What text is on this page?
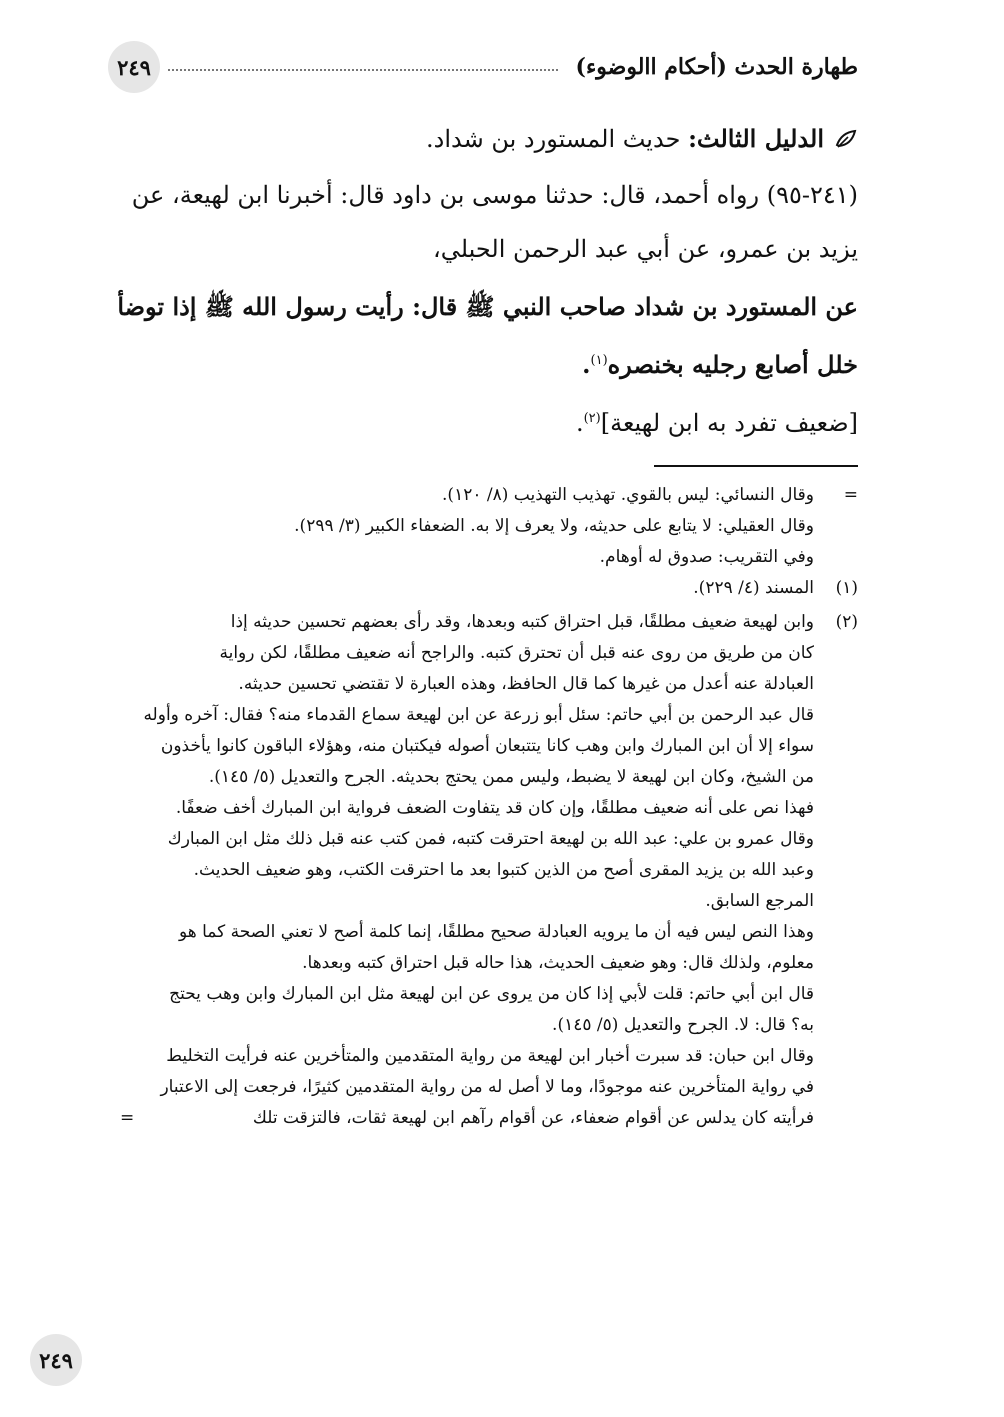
طهارة الحدث (أحكام االوضوء)
٢٤٩
الدليل الثالث: حديث المستورد بن شداد.
(٢٤١-٩٥) رواه أحمد، قال: حدثنا موسى بن داود قال: أخبرنا ابن لهيعة، عن
يزيد بن عمرو، عن أبي عبد الرحمن الحبلي،
عن المستورد بن شداد صاحب النبي ﷺ قال: رأيت رسول الله ﷺ إذا توضأ
خلل أصابع رجليه بخنصره$^{(١)}$.
[ضعيف تفرد به ابن لهيعة]$^{(٢)}$.
=
وقال النسائي: ليس بالقوي. تهذيب التهذيب (٨/ ١٢٠).
وقال العقيلي: لا يتابع على حديثه، ولا يعرف إلا به. الضعفاء الكبير (٣/ ٢٩٩).
وفي التقريب: صدوق له أوهام.
(١)
المسند (٤/ ٢٢٩).
(٢)
وابن لهيعة ضعيف مطلقًا، قبل احتراق كتبه وبعدها، وقد رأى بعضهم تحسين حديثه إذا
كان من طريق من روى عنه قبل أن تحترق كتبه. والراجح أنه ضعيف مطلقًا، لكن رواية
العبادلة عنه أعدل من غيرها كما قال الحافظ، وهذه العبارة لا تقتضي تحسين حديثه.
قال عبد الرحمن بن أبي حاتم: سئل أبو زرعة عن ابن لهيعة سماع القدماء منه؟ فقال: آخره وأوله
سواء إلا أن ابن المبارك وابن وهب كانا يتتبعان أصوله فيكتبان منه، وهؤلاء الباقون كانوا يأخذون
من الشيخ، وكان ابن لهيعة لا يضبط، وليس ممن يحتج بحديثه. الجرح والتعديل (٥/ ١٤٥).
فهذا نص على أنه ضعيف مطلقًا، وإن كان قد يتفاوت الضعف فرواية ابن المبارك أخف ضعفًا.
وقال عمرو بن علي: عبد الله بن لهيعة احترقت كتبه، فمن كتب عنه قبل ذلك مثل ابن المبارك
وعبد الله بن يزيد المقرى أصح من الذين كتبوا بعد ما احترقت الكتب، وهو ضعيف الحديث.
المرجع السابق.
وهذا النص ليس فيه أن ما يرويه العبادلة صحيح مطلقًا، إنما كلمة أصح لا تعني الصحة كما هو
معلوم، ولذلك قال: وهو ضعيف الحديث، هذا حاله قبل احتراق كتبه وبعدها.
قال ابن أبي حاتم: قلت لأبي إذا كان من يروى عن ابن لهيعة مثل ابن المبارك وابن وهب يحتج
به؟ قال: لا. الجرح والتعديل (٥/ ١٤٥).
وقال ابن حبان: قد سبرت أخبار ابن لهيعة من رواية المتقدمين والمتأخرين عنه فرأيت التخليط
في رواية المتأخرين عنه موجودًا، وما لا أصل له من رواية المتقدمين كثيرًا، فرجعت إلى الاعتبار
فرأيته كان يدلس عن أقوام ضعفاء، عن أقوام رآهم ابن لهيعة ثقات، فالتزقت تلك
=
٢٤٩
